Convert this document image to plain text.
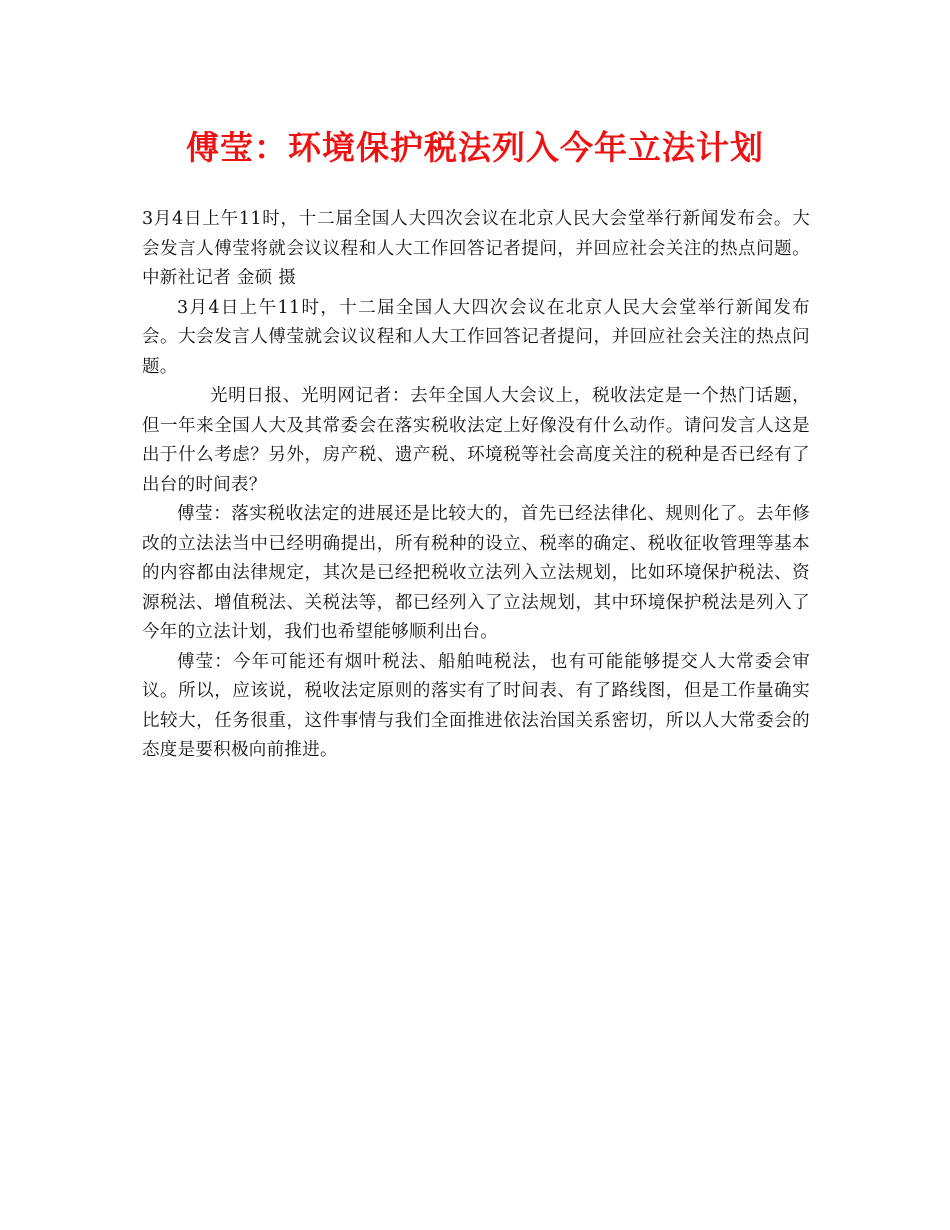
傅莹：环境保护税法列入今年立法计划

3月4日上午11时，十二届全国人大四次会议在北京人民大会堂举行新闻发布会。大会发言人傅莹将就会议议程和人大工作回答记者提问，并回应社会关注的热点问题。 中新社记者 金硕 摄

3月4日上午11时，十二届全国人大四次会议在北京人民大会堂举行新闻发布会。大会发言人傅莹就会议议程和人大工作回答记者提问，并回应社会关注的热点问题。

光明日报、光明网记者：去年全国人大会议上，税收法定是一个热门话题，但一年来全国人大及其常委会在落实税收法定上好像没有什么动作。请问发言人这是出于什么考虑？另外，房产税、遗产税、环境税等社会高度关注的税种是否已经有了出台的时间表？

傅莹：落实税收法定的进展还是比较大的，首先已经法律化、规则化了。去年修改的立法法当中已经明确提出，所有税种的设立、税率的确定、税收征收管理等基本的内容都由法律规定，其次是已经把税收立法列入立法规划，比如环境保护税法、资源税法、增值税法、关税法等，都已经列入了立法规划，其中环境保护税法是列入了今年的立法计划，我们也希望能够顺利出台。

傅莹：今年可能还有烟叶税法、船舶吨税法，也有可能能够提交人大常委会审议。所以，应该说，税收法定原则的落实有了时间表、有了路线图，但是工作量确实比较大，任务很重，这件事情与我们全面推进依法治国关系密切，所以人大常委会的态度是要积极向前推进。
